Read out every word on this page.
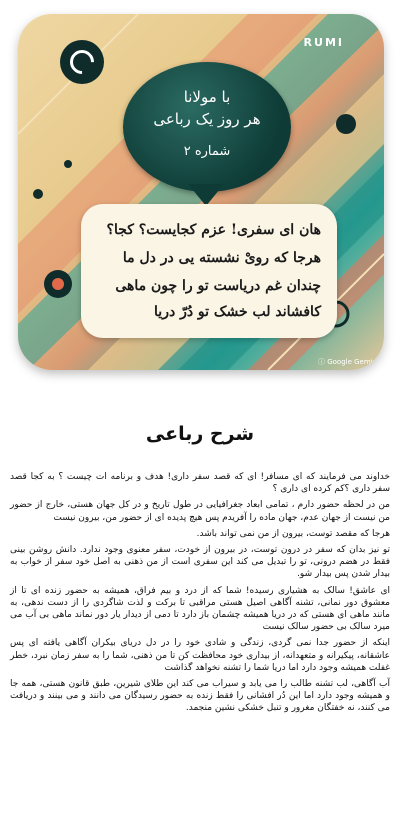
RUMI
با مولانا
هر روز یک رباعی
شماره ۲
هان ای سفری! عزم کجایست؟ کجا؟
هرجا که رویْ نشسته یی در دل ما
چندان غم دریاست تو را چون ماهی
کافشاند لب خشک تو دُرّ دریا
ⓘ Google Gemini
شرح رباعی

خداوند می فرمایند که ای مسافر! ای که قصد سفر داری! هدف و برنامه ات چیست ؟ به کجا قصد سفر داری ؟کم کرده ای داری ؟

من در لحظه حضور دارم ، تمامی ابعاد جغرافیایی در طول تاریخ و در کل جهان هستی، خارج از حضور من نیست از جهان عدم، جهان ماده را آفریدم پس هیچ پدیده ای از حضور من، بیرون نیست

هرجا که مقصد توست، بیرون از من نمی تواند باشد.

تو نیز بدان که سفر در درون توست، در بیرون از خودت، سفر معنوی وجود ندارد. دانش روشن بینی فقط در هضم درونی، تو را تبدیل می کند این سفری است از من ذهنی به اصل خود سفر از خواب به بیدار شدن پس بیدار شو.

ای عاشق! سالک به هشیاری رسیده! شما که از درد و بیم فراق، همیشه به حضور زنده ای تا از معشوق دور نمانی، تشنه آگاهی اصیل هستی مراقبی تا برکت و لذت شاگردی را از دست ندهی، به مانند ماهی ای هستی که در دریا همیشه چشمان باز دارد تا دمی از دیدار یار دور نماند ماهی بی آب می میرد سالک بی حضور سالک نیست

اینکه از حضور جدا نمی گردی، زندگی و شادی خود را در دل دریای بیکران آگاهی یافته ای پس عاشقانه، پیکیرانه و متعهدانه، از بیداری خود محافظت کن تا من ذهنی، شما را به سفر زمان نبرد، خطر غفلت همیشه وجود دارد اما دریا شما را تشنه نخواهد گذاشت

آب آگاهی، لب تشنه طالب را می یابد و سیراب می کند این طلای شیرین، طبق قانون هستی، همه جا و همیشه وجود دارد اما این دُر افشانی را فقط زنده به حضور رسیدگان می دانند و می بینند و دریافت می کنند، نه خفتگان مغرور و تنبل خشکی نشین منجمد.
